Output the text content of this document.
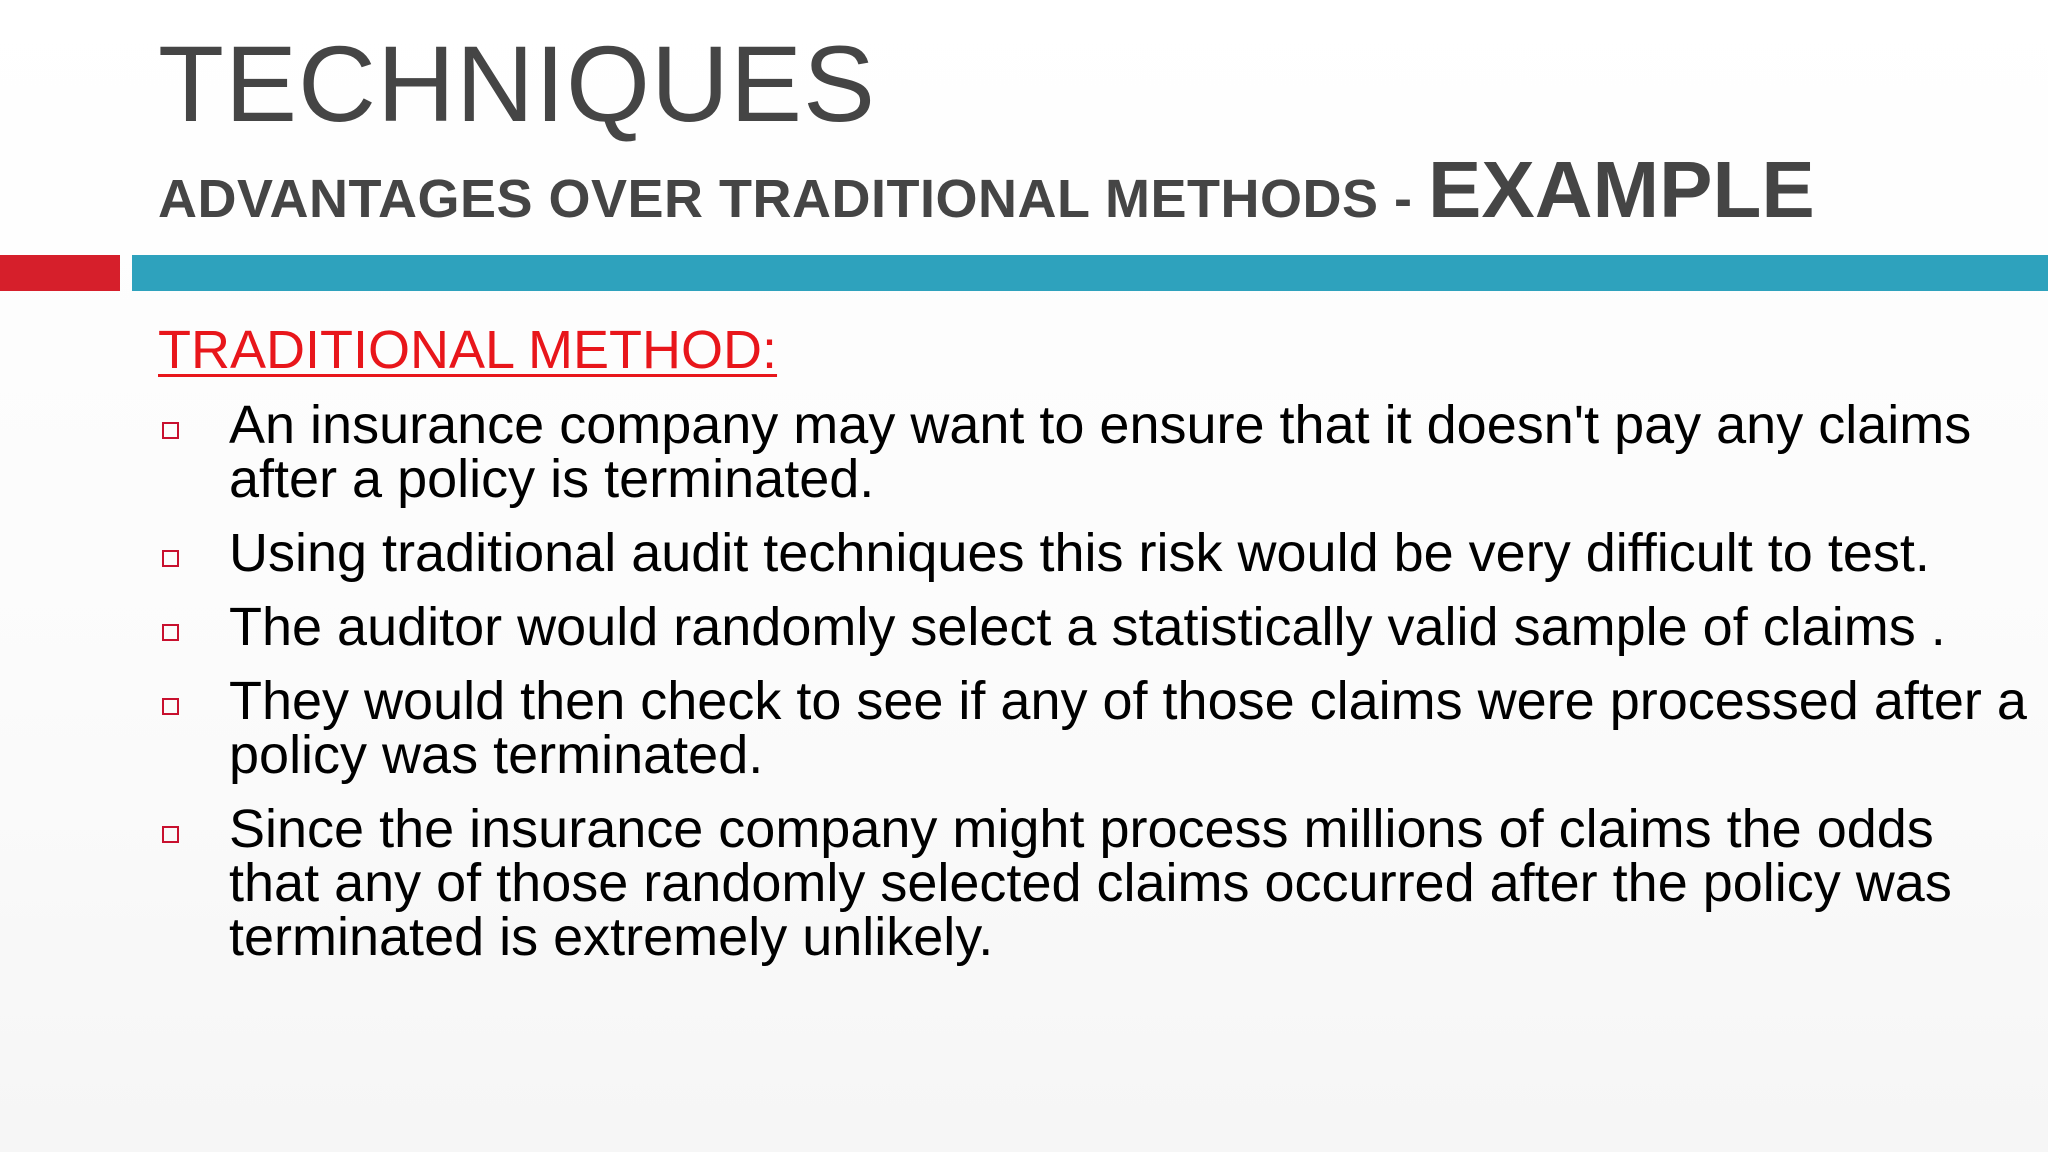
TECHNIQUES
ADVANTAGES OVER TRADITIONAL METHODS - EXAMPLE
TRADITIONAL METHOD:
An insurance company may want to ensure that it doesn't pay any claims after a policy is terminated.
Using traditional audit techniques this risk would be very difficult to test.
The auditor would randomly select a statistically valid sample of claims .
They would then check to see if any of those claims were processed after a policy was terminated.
Since the insurance company might process millions of claims the odds that any of those randomly selected claims occurred after the policy was terminated is extremely unlikely.
